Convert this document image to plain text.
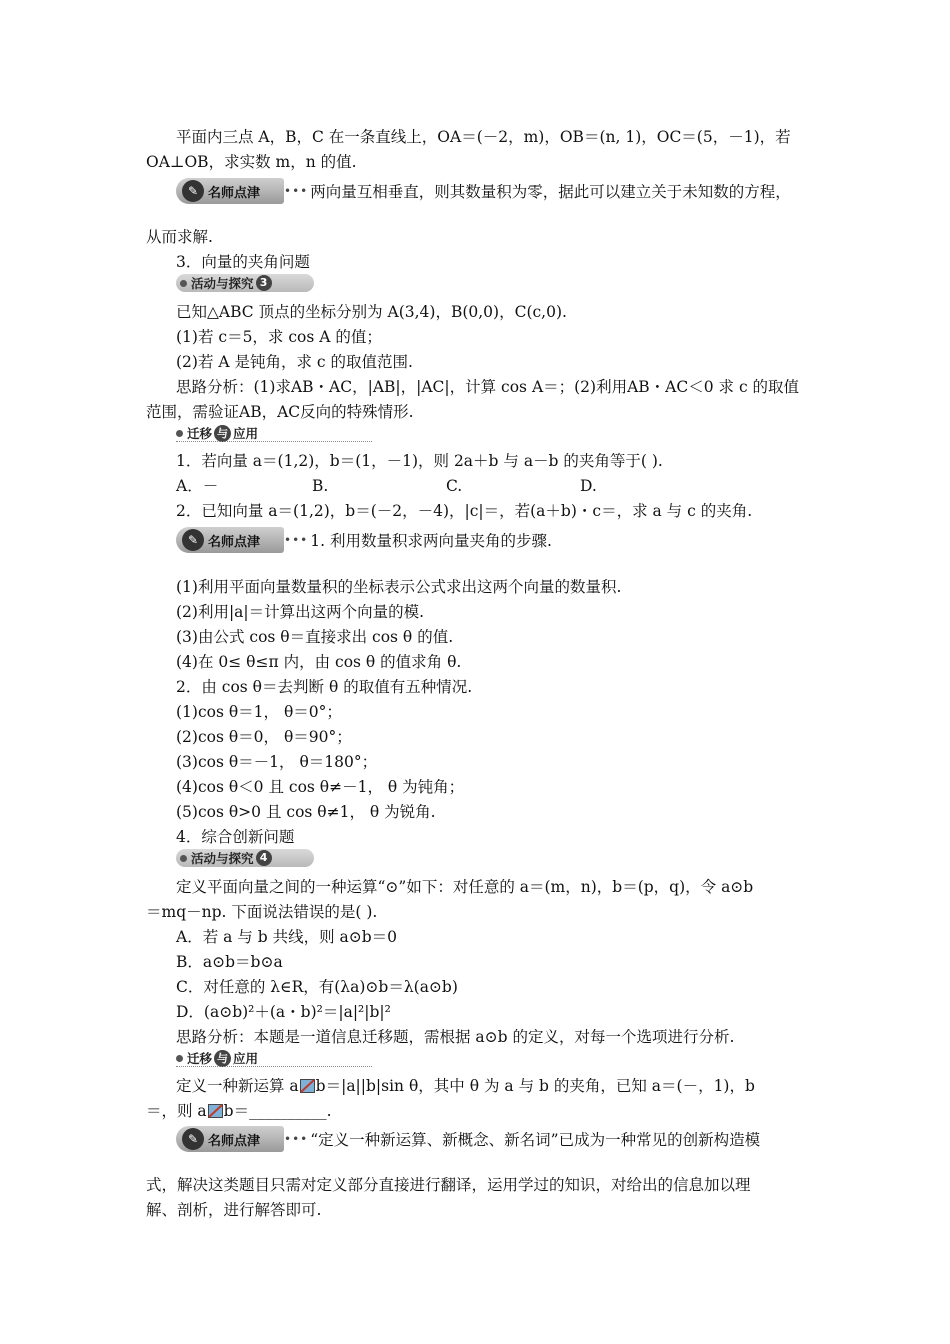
平面内三点 A，B，C 在一条直线上，OA＝(－2，m)，OB＝(n, 1)，OC＝(5，－1)，若
OA⊥OB，求实数 m，n 的值.
✎ 名师点津 ••• 两向量互相垂直，则其数量积为零，据此可以建立关于未知数的方程，
从而求解.
3．向量的夹角问题
活动与探究 3
已知△ABC 顶点的坐标分别为 A(3,4)，B(0,0)，C(c,0).
(1)若 c＝5，求 cos A 的值；
(2)若 A 是钝角，求 c 的取值范围.
思路分析：(1)求AB・AC，|AB|，|AC|，计算 cos A＝；(2)利用AB・AC＜0 求 c 的取值
范围，需验证AB，AC反向的特殊情形.
迁移 与 应用
1．若向量 a＝(1,2)，b＝(1，－1)，则 2a＋b 与 a－b 的夹角等于( ).
A．－	B.	C.	D.
2．已知向量 a＝(1,2)，b＝(－2，－4)，|c|＝，若(a＋b)・c＝，求 a 与 c 的夹角.
✎ 名师点津 ••• 1. 利用数量积求两向量夹角的步骤.
(1)利用平面向量数量积的坐标表示公式求出这两个向量的数量积.
(2)利用|a|＝计算出这两个向量的模.
(3)由公式 cos θ＝直接求出 cos θ 的值.
(4)在 0≤ θ≤π 内，由 cos θ 的值求角 θ.
2．由 cos θ＝去判断 θ 的取值有五种情况.
(1)cos θ＝1， θ＝0°；
(2)cos θ＝0， θ＝90°；
(3)cos θ＝－1， θ＝180°；
(4)cos θ＜0 且 cos θ≠－1， θ 为钝角；
(5)cos θ>0 且 cos θ≠1， θ 为锐角.
4．综合创新问题
活动与探究 4
定义平面向量之间的一种运算“⊙”如下：对任意的 a＝(m，n)，b＝(p，q)，令 a⊙b
＝mq－np. 下面说法错误的是( ).
A．若 a 与 b 共线，则 a⊙b＝0
B．a⊙b＝b⊙a
C．对任意的 λ∈R，有(λa)⊙b＝λ(a⊙b)
D．(a⊙b)²＋(a・b)²＝|a|²|b|²
思路分析：本题是一道信息迁移题，需根据 a⊙b 的定义，对每一个选项进行分析.
迁移 与 应用
定义一种新运算 a b＝|a||b|sin θ，其中 θ 为 a 与 b 的夹角，已知 a＝(－，1)，b
＝，则 a b＝__________.
✎ 名师点津 ••• “定义一种新运算、新概念、新名词”已成为一种常见的创新构造模
式，解决这类题目只需对定义部分直接进行翻译，运用学过的知识，对给出的信息加以理
解、剖析，进行解答即可.
